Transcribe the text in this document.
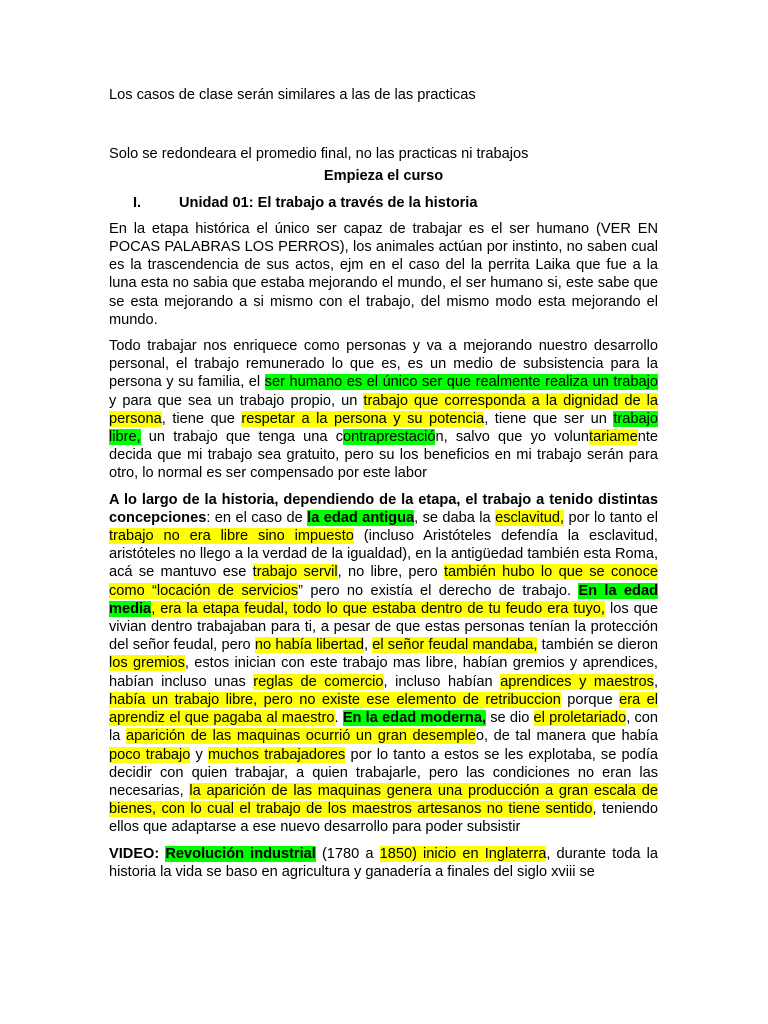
Los casos de clase serán similares a las de las practicas

Solo se redondeara el promedio final, no las practicas ni trabajos

Empieza el curso

I.	Unidad 01: El trabajo a través de la historia

En la etapa histórica el único ser capaz de trabajar es el ser humano (VER EN POCAS PALABRAS LOS PERROS), los animales actúan por instinto, no saben cual es la trascendencia de sus actos, ejm en el caso del la perrita Laika que fue a la luna esta no sabia que estaba mejorando el mundo, el ser humano si, este sabe que se esta mejorando a si mismo con el trabajo, del mismo modo esta mejorando el mundo.

Todo trabajar nos enriquece como personas y va a mejorando nuestro desarrollo personal, el trabajo remunerado lo que es, es un medio de subsistencia para la persona y su familia, el ser humano es el único ser que realmente realiza un trabajo y para que sea un trabajo propio, un trabajo que corresponda a la dignidad de la persona, tiene que respetar a la persona y su potencia, tiene que ser un trabajo libre, un trabajo que tenga una contraprestación, salvo que yo voluntariamente decida que mi trabajo sea gratuito, pero su los beneficios en mi trabajo serán para otro, lo normal es ser compensado por este labor

A lo largo de la historia, dependiendo de la etapa, el trabajo a tenido distintas concepciones: en el caso de la edad antigua, se daba la esclavitud, por lo tanto el trabajo no era libre sino impuesto (incluso Aristóteles defendía la esclavitud, aristóteles no llego a la verdad de la igualdad), en la antigüedad también esta Roma, acá se mantuvo ese trabajo servil, no libre, pero también hubo lo que se conoce como “locación de servicios” pero no existía el derecho de trabajo. En la edad media, era la etapa feudal, todo lo que estaba dentro de tu feudo era tuyo, los que vivian dentro trabajaban para ti, a pesar de que estas personas tenían la protección del señor feudal, pero no había libertad, el señor feudal mandaba, también se dieron los gremios, estos inician con este trabajo mas libre, habían gremios y aprendices, habían incluso unas reglas de comercio, incluso habían aprendices y maestros, había un trabajo libre, pero no existe ese elemento de retribuccion porque era el aprendiz el que pagaba al maestro. En la edad moderna, se dio el proletariado, con la aparición de las maquinas ocurrió un gran desempleo, de tal manera que había poco trabajo y muchos trabajadores por lo tanto a estos se les explotaba, se podía decidir con quien trabajar, a quien trabajarle, pero las condiciones no eran las necesarias, la aparición de las maquinas genera una producción a gran escala de bienes, con lo cual el trabajo de los maestros artesanos no tiene sentido, teniendo ellos que adaptarse a ese nuevo desarrollo para poder subsistir

VIDEO: Revolución industrial (1780 a 1850) inicio en Inglaterra, durante toda la historia la vida se baso en agricultura y ganadería a finales del siglo xviii se
